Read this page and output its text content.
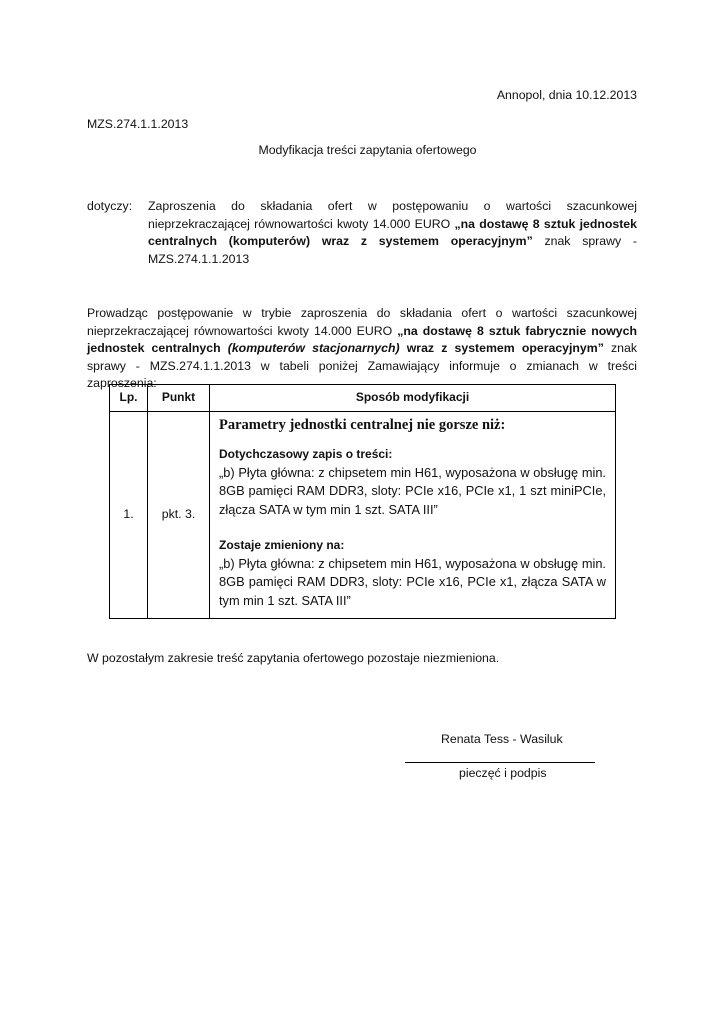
Annopol, dnia 10.12.2013
MZS.274.1.1.2013
Modyfikacja treści zapytania ofertowego
dotyczy: Zaproszenia do składania ofert w postępowaniu o wartości szacunkowej nieprzekraczającej równowartości kwoty 14.000 EURO „na dostawę 8 sztuk jednostek centralnych (komputerów) wraz z systemem operacyjnym” znak sprawy - MZS.274.1.1.2013
Prowadząc postępowanie w trybie zaproszenia do składania ofert o wartości szacunkowej nieprzekraczającej równowartości kwoty 14.000 EURO „na dostawę 8 sztuk fabrycznie nowych jednostek centralnych (komputerów stacjonarnych) wraz z systemem operacyjnym” znak sprawy - MZS.274.1.1.2013 w tabeli poniżej Zamawiający informuje o zmianach w treści zaproszenia:
Lp.	Punkt	Sposób modyfikacji
1.	pkt. 3.	Parametry jednostki centralnej nie gorsze niż:
Dotychczasowy zapis o treści:
„b) Płyta główna: z chipsetem min H61, wyposażona w obsługę min. 8GB pamięci RAM DDR3, sloty: PCIe x16, PCIe x1, 1 szt miniPCIe, złącza SATA w tym min 1 szt. SATA III”
Zostaje zmieniony na:
„b) Płyta główna: z chipsetem min H61, wyposażona w obsługę min. 8GB pamięci RAM DDR3, sloty: PCIe x16, PCIe x1, złącza SATA w tym min 1 szt. SATA III”
W pozostałym zakresie treść zapytania ofertowego pozostaje niezmieniona.
Renata Tess - Wasiluk
pieczęć i podpis
